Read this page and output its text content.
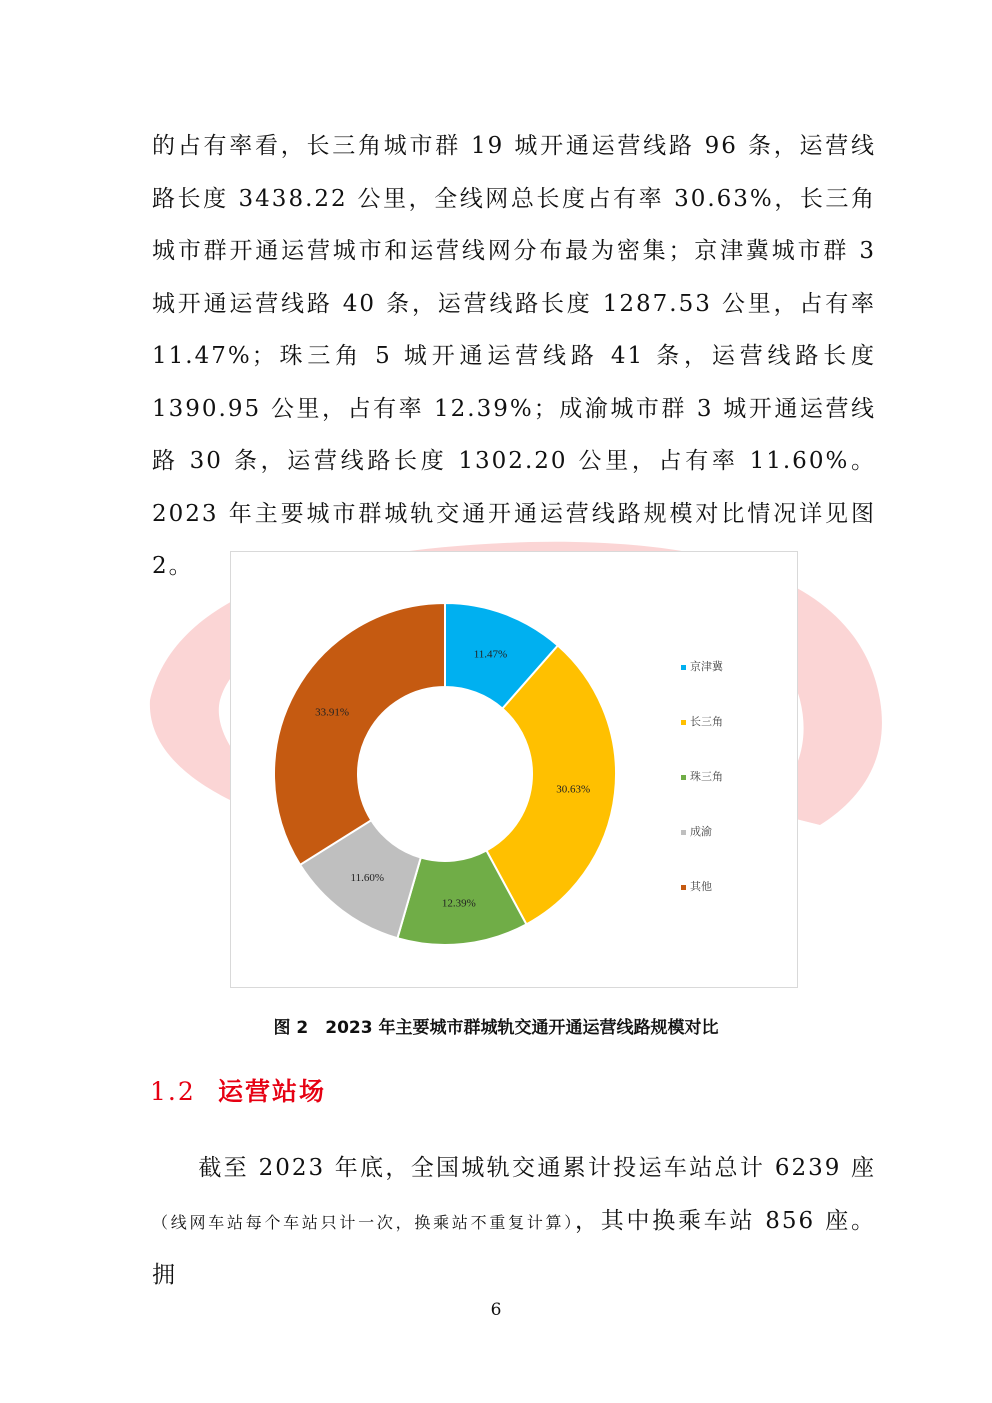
的占有率看，长三角城市群 19 城开通运营线路 96 条，运营线路长度 3438.22 公里，全线网总长度占有率 30.63%，长三角城市群开通运营城市和运营线网分布最为密集；京津冀城市群 3 城开通运营线路 40 条，运营线路长度 1287.53 公里，占有率 11.47%；珠三角 5 城开通运营线路 41 条，运营线路长度 1390.95 公里，占有率 12.39%；成渝城市群 3 城开通运营线路 30 条，运营线路长度 1302.20 公里，占有率 11.60%。2023 年主要城市群城轨交通开通运营线路规模对比情况详见图 2。
11.47%
30.63%
12.39%
11.60%
33.91%
京津冀
长三角
珠三角
成渝
其他
图 2　2023 年主要城市群城轨交通开通运营线路规模对比
1.2 运营站场
截至 2023 年底，全国城轨交通累计投运车站总计 6239 座（线网车站每个车站只计一次，换乘站不重复计算），其中换乘车站 856 座。拥
6
